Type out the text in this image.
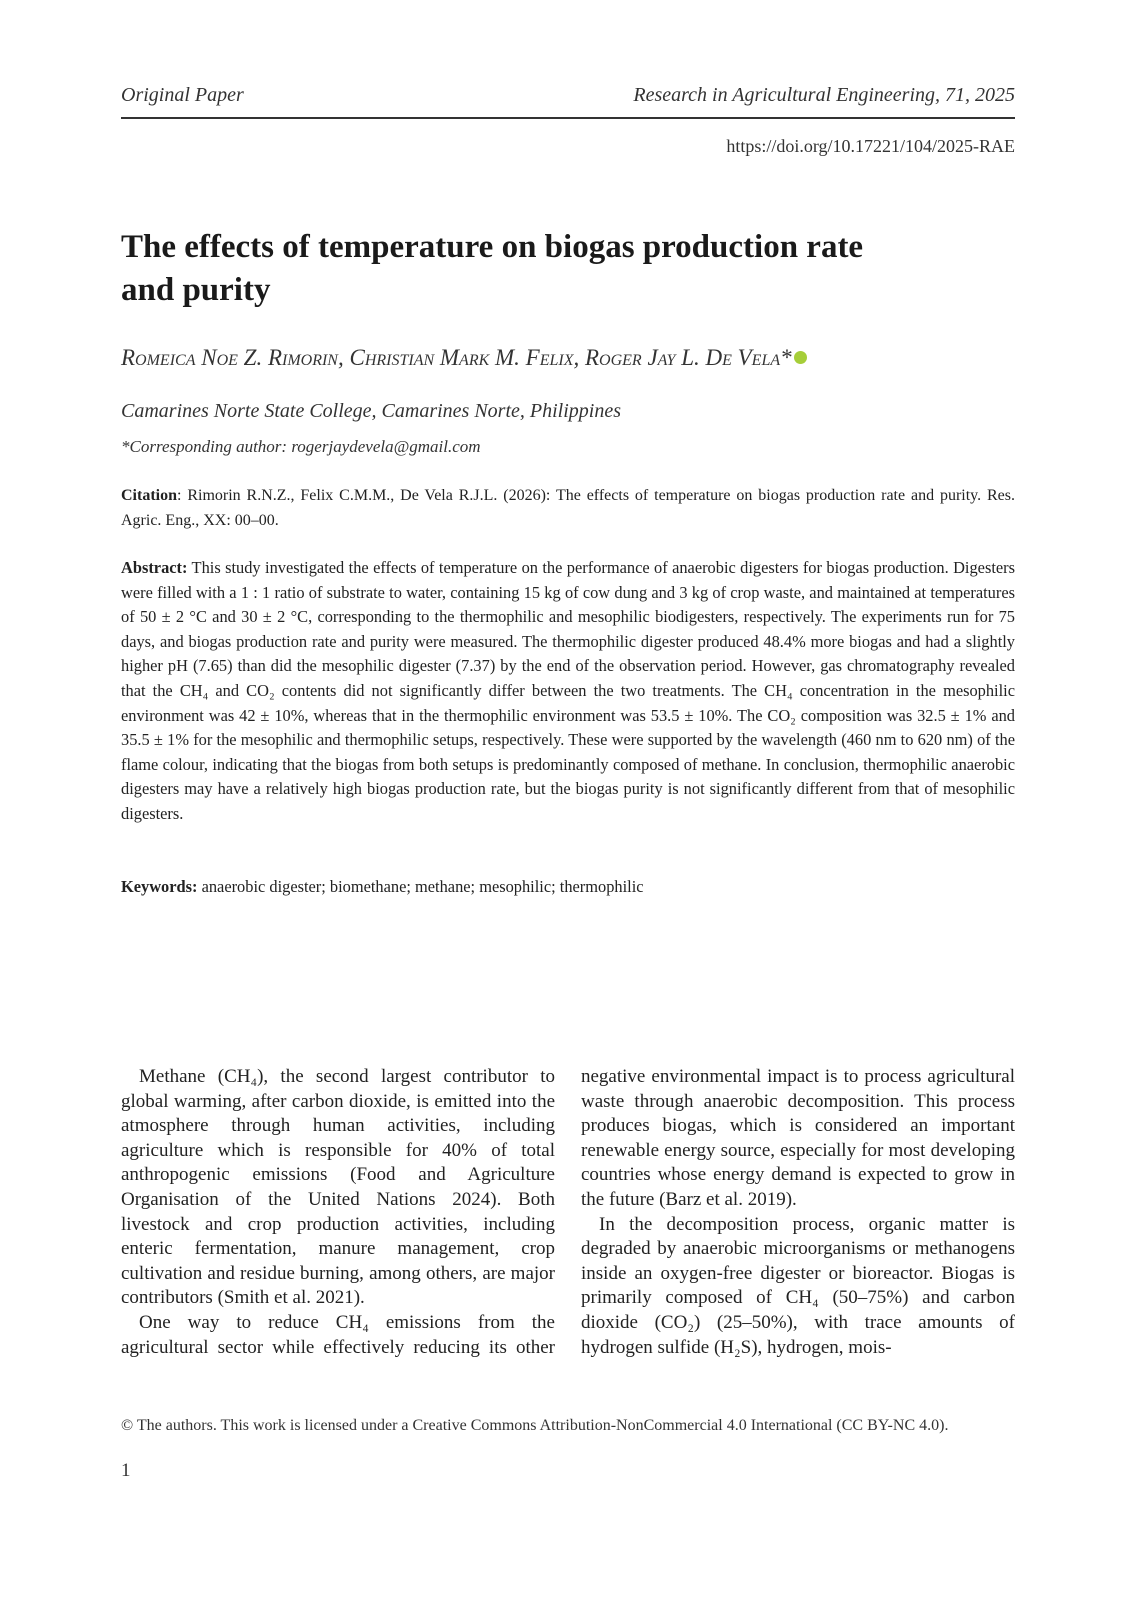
Original Paper	Research in Agricultural Engineering, 71, 2025
https://doi.org/10.17221/104/2025-RAE
The effects of temperature on biogas production rate and purity
Romeica Noe Z. Rimorin, Christian Mark M. Felix, Roger Jay L. De Vela*
Camarines Norte State College, Camarines Norte, Philippines
*Corresponding author: rogerjaydevela@gmail.com
Citation: Rimorin R.N.Z., Felix C.M.M., De Vela R.J.L. (2026): The effects of temperature on biogas production rate and purity. Res. Agric. Eng., XX: 00–00.
Abstract: This study investigated the effects of temperature on the performance of anaerobic digesters for biogas production. Digesters were filled with a 1 : 1 ratio of substrate to water, containing 15 kg of cow dung and 3 kg of crop waste, and maintained at temperatures of 50 ± 2 °C and 30 ± 2 °C, corresponding to the thermophilic and mesophilic biodigesters, respectively. The experiments run for 75 days, and biogas production rate and purity were measured. The thermophilic digester produced 48.4% more biogas and had a slightly higher pH (7.65) than did the mesophilic digester (7.37) by the end of the observation period. However, gas chromatography revealed that the CH₄ and CO₂ contents did not significantly differ between the two treatments. The CH₄ concentration in the mesophilic environment was 42 ± 10%, whereas that in the thermophilic environment was 53.5 ± 10%. The CO₂ composition was 32.5 ± 1% and 35.5 ± 1% for the mesophilic and thermophilic setups, respectively. These were supported by the wavelength (460 nm to 620 nm) of the flame colour, indicating that the biogas from both setups is predominantly composed of methane. In conclusion, thermophilic anaerobic digesters may have a relatively high biogas production rate, but the biogas purity is not significantly different from that of mesophilic digesters.
Keywords: anaerobic digester; biomethane; methane; mesophilic; thermophilic

Methane (CH₄), the second largest contributor to global warming, after carbon dioxide, is emitted into the atmosphere through human activities, including agriculture which is responsible for 40% of total anthropogenic emissions (Food and Agriculture Organisation of the United Nations 2024). Both livestock and crop production activities, including enteric fermentation, manure management, crop cultivation and residue burning, among others, are major contributors (Smith et al. 2021).

One way to reduce CH₄ emissions from the agricultural sector while effectively reducing its other negative environmental impact is to process agricultural waste through anaerobic decomposition. This process produces biogas, which is considered an important renewable energy source, especially for most developing countries whose energy demand is expected to grow in the future (Barz et al. 2019).

In the decomposition process, organic matter is degraded by anaerobic microorganisms or methanogens inside an oxygen-free digester or bioreactor. Biogas is primarily composed of CH₄ (50–75%) and carbon dioxide (CO₂) (25–50%), with trace amounts of hydrogen sulfide (H₂S), hydrogen, mois-

© The authors. This work is licensed under a Creative Commons Attribution-NonCommercial 4.0 International (CC BY-NC 4.0).
1
